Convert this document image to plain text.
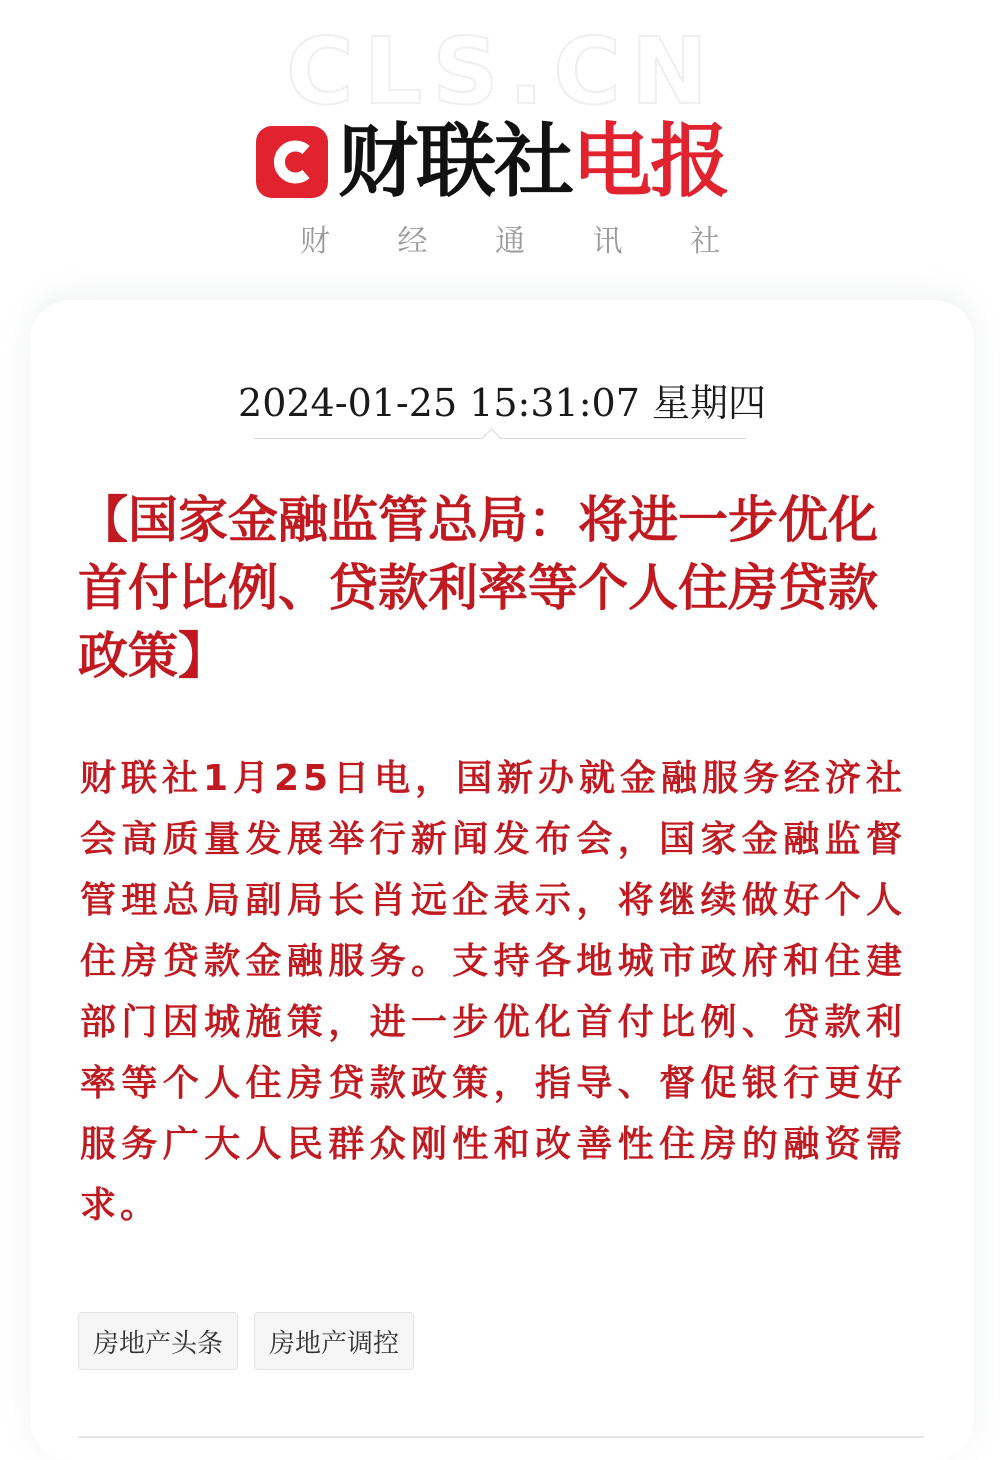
CLS.CN
财联社 电报
财 经 通 讯 社
2024-01-25 15:31:07 星期四
【国家金融监管总局：将进一步优化首付比例、贷款利率等个人住房贷款政策】
财联社1月25日电，国新办就金融服务经济社会高质量发展举行新闻发布会，国家金融监督管理总局副局长肖远企表示，将继续做好个人住房贷款金融服务。支持各地城市政府和住建部门因城施策，进一步优化首付比例、贷款利率等个人住房贷款政策，指导、督促银行更好服务广大人民群众刚性和改善性住房的融资需求。
房地产头条	房地产调控
